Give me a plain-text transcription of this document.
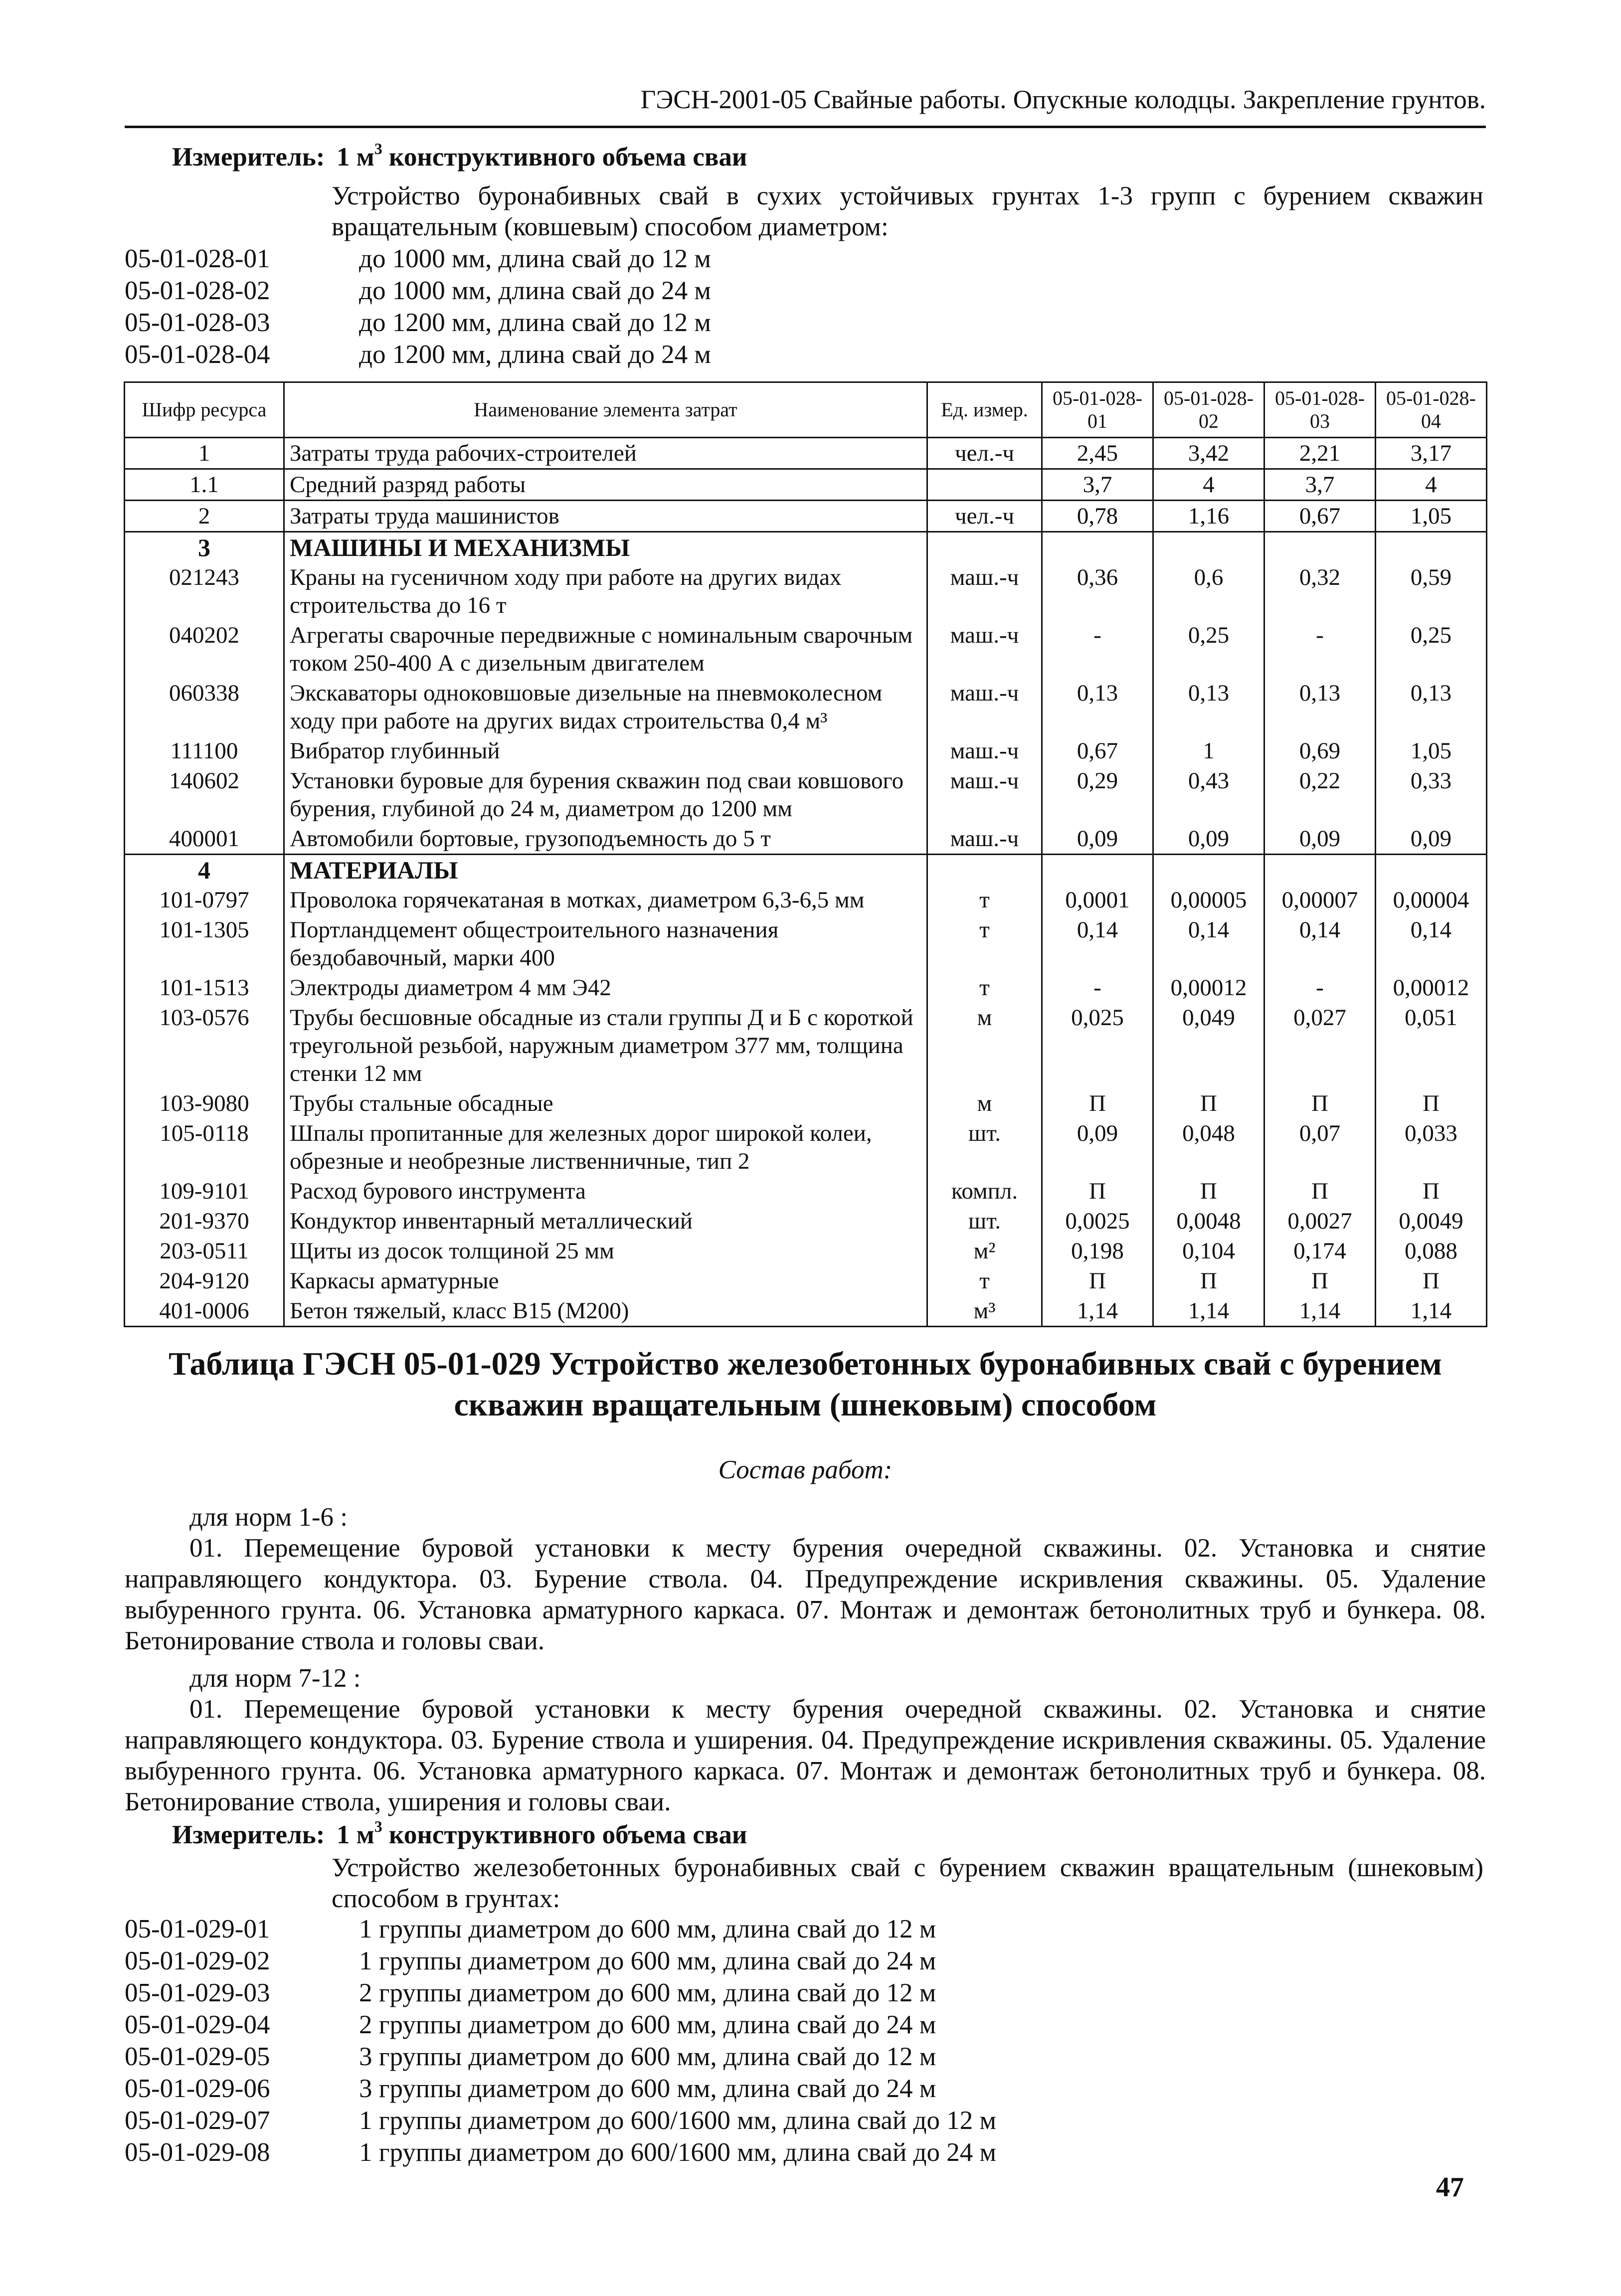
ГЭСН-2001-05 Свайные работы. Опускные колодцы. Закрепление грунтов.
Измеритель: 1 $м^3$ конструктивного объема сваи
Устройство буронабивных свай в сухих устойчивых грунтах 1-3 групп с бурением скважин вращательным (ковшевым) способом диаметром:
05-01-028-01	до 1000 мм, длина свай до 12 м
05-01-028-02	до 1000 мм, длина свай до 24 м
05-01-028-03	до 1200 мм, длина свай до 12 м
05-01-028-04	до 1200 мм, длина свай до 24 м
Шифр ресурса	Наименование элемента затрат	Ед. измер.	05-01-028-01	05-01-028-02	05-01-028-03	05-01-028-04
1	Затраты труда рабочих-строителей	чел.-ч	2,45	3,42	2,21	3,17
1.1	Средний разряд работы		3,7	4	3,7	4
2	Затраты труда машинистов	чел.-ч	0,78	1,16	0,67	1,05
3	МАШИНЫ И МЕХАНИЗМЫ					
021243	Краны на гусеничном ходу при работе на других видах строительства до 16 т	маш.-ч	0,36	0,6	0,32	0,59
040202	Агрегаты сварочные передвижные с номинальным сварочным током 250-400 А с дизельным двигателем	маш.-ч	-	0,25	-	0,25
060338	Экскаваторы одноковшовые дизельные на пневмоколесном ходу при работе на других видах строительства 0,4 м³	маш.-ч	0,13	0,13	0,13	0,13
111100	Вибратор глубинный	маш.-ч	0,67	1	0,69	1,05
140602	Установки буровые для бурения скважин под сваи ковшового бурения, глубиной до 24 м, диаметром до 1200 мм	маш.-ч	0,29	0,43	0,22	0,33
400001	Автомобили бортовые, грузоподъемность до 5 т	маш.-ч	0,09	0,09	0,09	0,09
4	МАТЕРИАЛЫ					
101-0797	Проволока горячекатаная в мотках, диаметром 6,3-6,5 мм	т	0,0001	0,00005	0,00007	0,00004
101-1305	Портландцемент общестроительного назначения бездобавочный, марки 400	т	0,14	0,14	0,14	0,14
101-1513	Электроды диаметром 4 мм Э42	т	-	0,00012	-	0,00012
103-0576	Трубы бесшовные обсадные из стали группы Д и Б с короткой треугольной резьбой, наружным диаметром 377 мм, толщина стенки 12 мм	м	0,025	0,049	0,027	0,051
103-9080	Трубы стальные обсадные	м	П	П	П	П
105-0118	Шпалы пропитанные для железных дорог широкой колеи, обрезные и необрезные лиственничные, тип 2	шт.	0,09	0,048	0,07	0,033
109-9101	Расход бурового инструмента	компл.	П	П	П	П
201-9370	Кондуктор инвентарный металлический	шт.	0,0025	0,0048	0,0027	0,0049
203-0511	Щиты из досок толщиной 25 мм	м²	0,198	0,104	0,174	0,088
204-9120	Каркасы арматурные	т	П	П	П	П
401-0006	Бетон тяжелый, класс В15 (М200)	м³	1,14	1,14	1,14	1,14
Таблица ГЭСН 05-01-029 Устройство железобетонных буронабивных свай с бурением
скважин вращательным (шнековым) способом
Состав работ:
для норм 1-6 :
01. Перемещение буровой установки к месту бурения очередной скважины. 02. Установка и снятие направляющего кондуктора. 03. Бурение ствола. 04. Предупреждение искривления скважины. 05. Удаление выбуренного грунта. 06. Установка арматурного каркаса. 07. Монтаж и демонтаж бетонолитных труб и бункера. 08. Бетонирование ствола и головы сваи.
для норм 7-12 :
01. Перемещение буровой установки к месту бурения очередной скважины. 02. Установка и снятие направляющего кондуктора. 03. Бурение ствола и уширения. 04. Предупреждение искривления скважины. 05. Удаление выбуренного грунта. 06. Установка арматурного каркаса. 07. Монтаж и демонтаж бетонолитных труб и бункера. 08. Бетонирование ствола, уширения и головы сваи.
Измеритель: 1 $м^3$ конструктивного объема сваи
Устройство железобетонных буронабивных свай с бурением скважин вращательным (шнековым) способом в грунтах:
05-01-029-01	1 группы диаметром до 600 мм, длина свай до 12 м
05-01-029-02	1 группы диаметром до 600 мм, длина свай до 24 м
05-01-029-03	2 группы диаметром до 600 мм, длина свай до 12 м
05-01-029-04	2 группы диаметром до 600 мм, длина свай до 24 м
05-01-029-05	3 группы диаметром до 600 мм, длина свай до 12 м
05-01-029-06	3 группы диаметром до 600 мм, длина свай до 24 м
05-01-029-07	1 группы диаметром до 600/1600 мм, длина свай до 12 м
05-01-029-08	1 группы диаметром до 600/1600 мм, длина свай до 24 м
47
